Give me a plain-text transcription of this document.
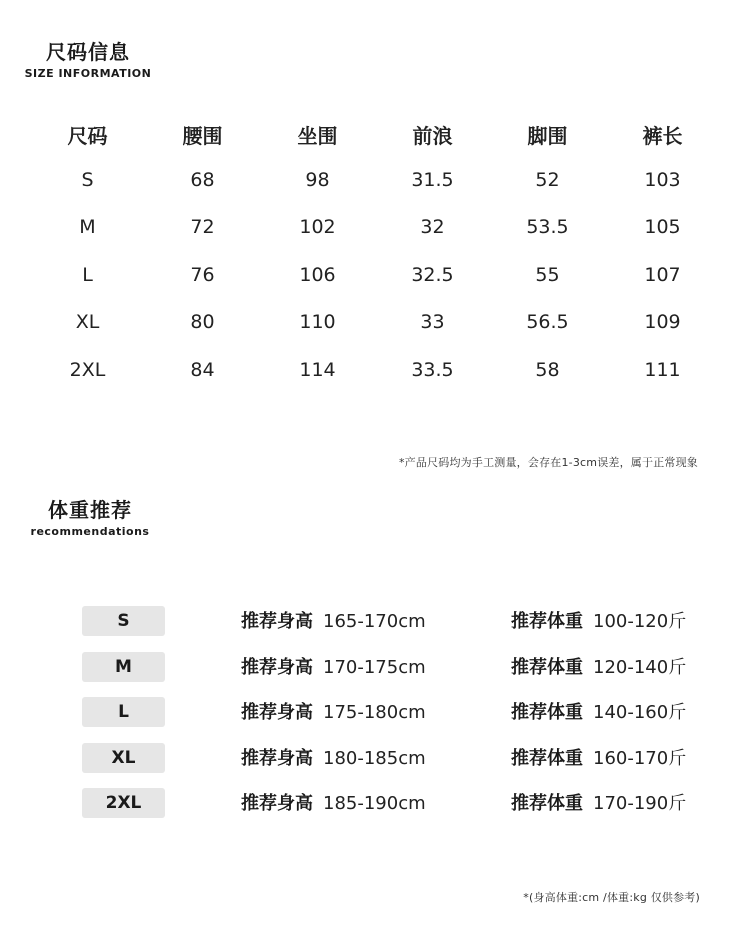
尺码信息
SIZE INFORMATION
尺码	腰围	坐围	前浪	脚围	裤长
S	68	98	31.5	52	103
M	72	102	32	53.5	105
L	76	106	32.5	55	107
XL	80	110	33	56.5	109
2XL	84	114	33.5	58	111
*产品尺码均为手工测量，会存在1-3cm误差，属于正常现象
体重推荐
recommendations
S	推荐身高 165-170cm	推荐体重 100-120斤
M	推荐身高 170-175cm	推荐体重 120-140斤
L	推荐身高 175-180cm	推荐体重 140-160斤
XL	推荐身高 180-185cm	推荐体重 160-170斤
2XL	推荐身高 185-190cm	推荐体重 170-190斤
*(身高体重:cm /体重:kg 仅供参考)
